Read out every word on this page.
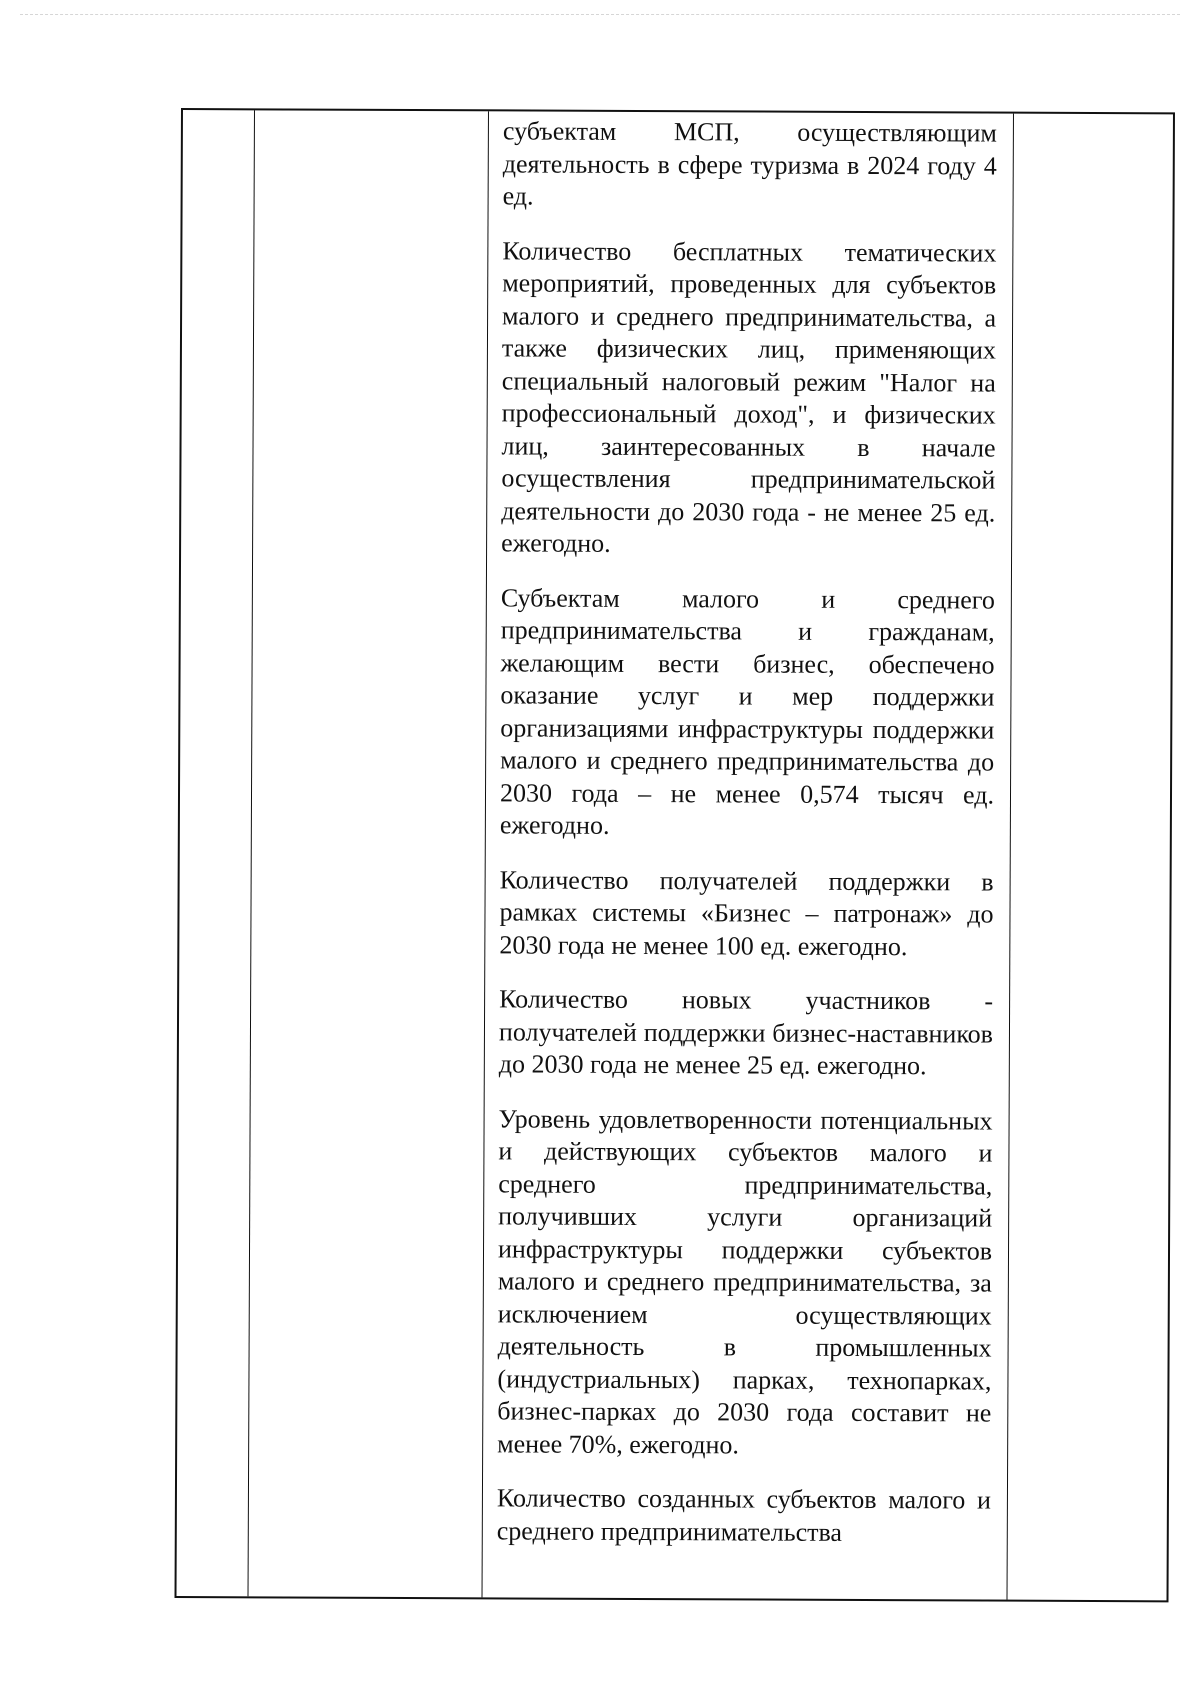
субъектам МСП, осуществляющим деятельность в сфере туризма в 2024 году 4 ед.

Количество бесплатных тематических мероприятий, проведенных для субъектов малого и среднего предпринимательства, а также физических лиц, применяющих специальный налоговый режим "Налог на профессиональный доход", и физических лиц, заинтересованных в начале осуществления предпринимательской деятельности до 2030 года - не менее 25 ед. ежегодно.

Субъектам малого и среднего предпринимательства и гражданам, желающим вести бизнес, обеспечено оказание услуг и мер поддержки организациями инфраструктуры поддержки малого и среднего предпринимательства до 2030 года – не менее 0,574 тысяч ед. ежегодно.

Количество получателей поддержки в рамках системы «Бизнес – патронаж» до 2030 года не менее 100 ед. ежегодно.

Количество новых участников - получателей поддержки бизнес-наставников до 2030 года не менее 25 ед. ежегодно.

Уровень удовлетворенности потенциальных и действующих субъектов малого и среднего предпринимательства, получивших услуги организаций инфраструктуры поддержки субъектов малого и среднего предпринимательства, за исключением осуществляющих деятельность в промышленных (индустриальных) парках, технопарках, бизнес-парках до 2030 года составит не менее 70%, ежегодно.

Количество созданных субъектов малого и среднего предпринимательства
